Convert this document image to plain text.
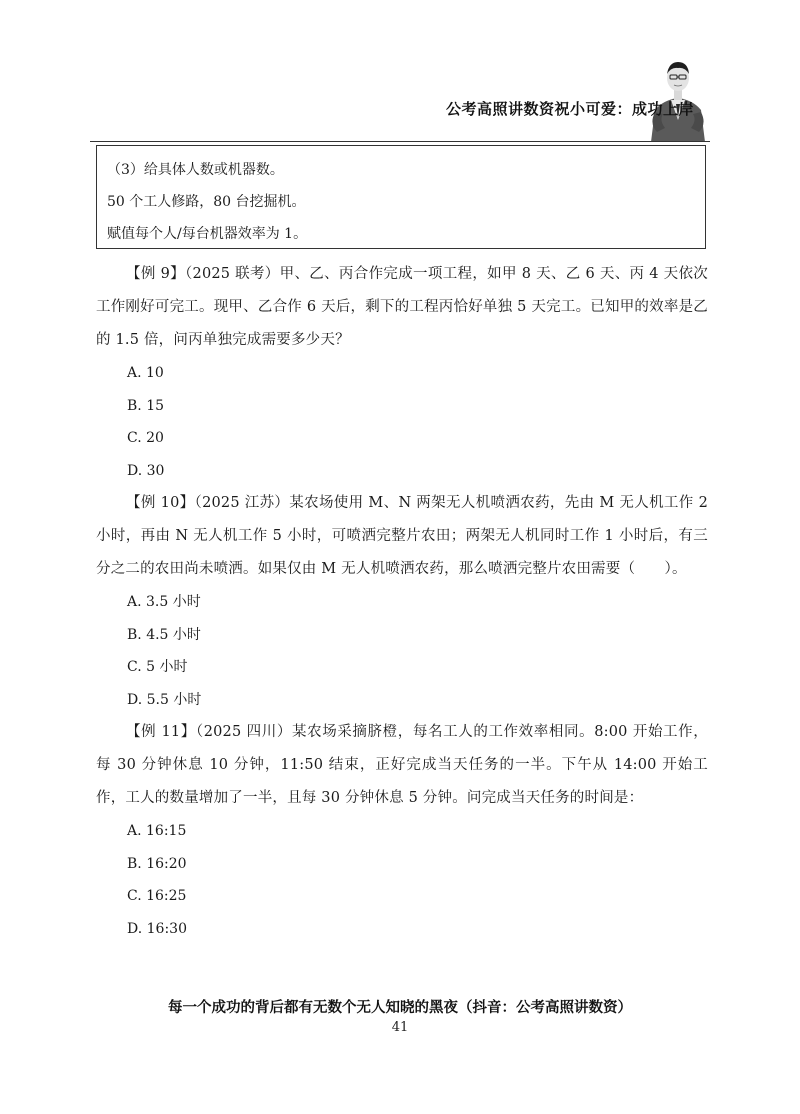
公考高照讲数资祝小可爱：成功上岸
（3）给具体人数或机器数。
50 个工人修路，80 台挖掘机。
赋值每个人/每台机器效率为 1。

【例 9】（2025 联考）甲、乙、丙合作完成一项工程，如甲 8 天、乙 6 天、丙 4 天依次工作刚好可完工。现甲、乙合作 6 天后，剩下的工程丙恰好单独 5 天完工。已知甲的效率是乙的 1.5 倍，问丙单独完成需要多少天？

A. 10
B. 15
C. 20
D. 30

【例 10】（2025 江苏）某农场使用 M、N 两架无人机喷洒农药，先由 M 无人机工作 2 小时，再由 N 无人机工作 5 小时，可喷洒完整片农田；两架无人机同时工作 1 小时后，有三分之二的农田尚未喷洒。如果仅由 M 无人机喷洒农药，那么喷洒完整片农田需要（　　）。

A. 3.5 小时
B. 4.5 小时
C. 5 小时
D. 5.5 小时

【例 11】（2025 四川）某农场采摘脐橙，每名工人的工作效率相同。8:00 开始工作，每 30 分钟休息 10 分钟，11:50 结束，正好完成当天任务的一半。下午从 14:00 开始工作，工人的数量增加了一半，且每 30 分钟休息 5 分钟。问完成当天任务的时间是：

A. 16:15
B. 16:20
C. 16:25
D. 16:30
每一个成功的背后都有无数个无人知晓的黑夜（抖音：公考高照讲数资）
41
